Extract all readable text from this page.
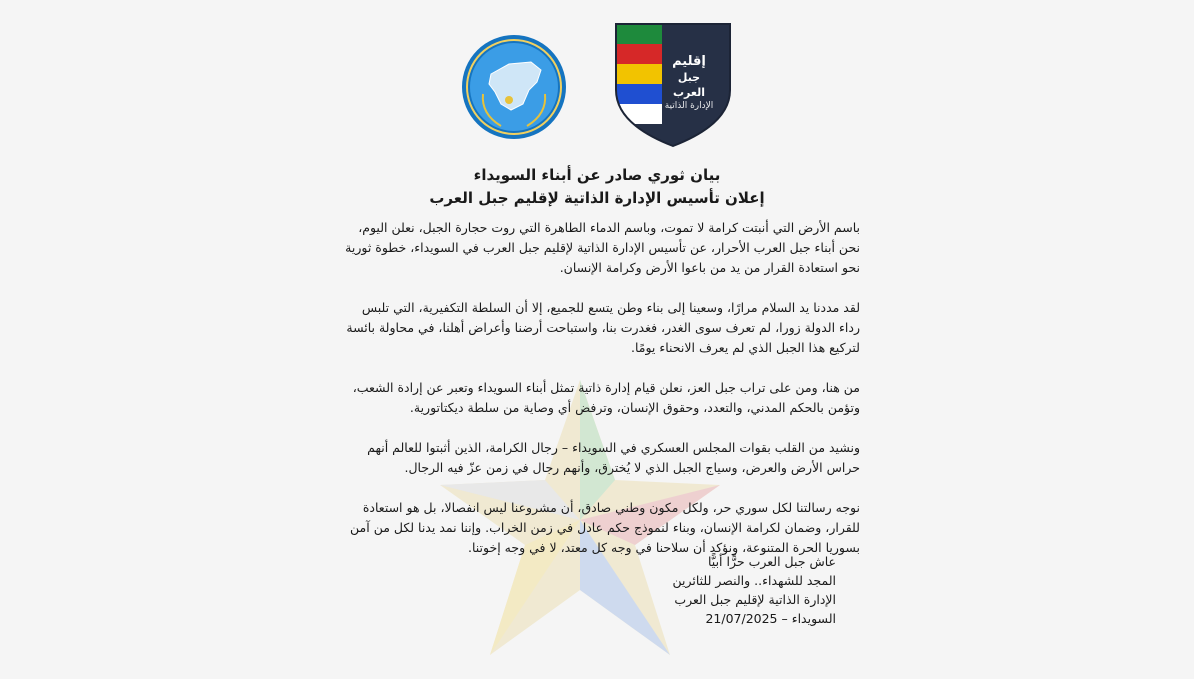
إقليم
جبل العرب
الإدارة الذاتية
بيان ثوري صادر عن أبناء السويداء
إعلان تأسيس الإدارة الذاتية لإقليم جبل العرب
باسم الأرض التي أنبتت كرامة لا تموت، وباسم الدماء الطاهرة التي روت حجارة الجبل، نعلن اليوم،
نحن أبناء جبل العرب الأحرار، عن تأسيس الإدارة الذاتية لإقليم جبل العرب في السويداء، خطوة ثورية
نحو استعادة القرار من يد من باعوا الأرض وكرامة الإنسان.
لقد مددنا يد السلام مرارًا، وسعينا إلى بناء وطن يتسع للجميع، إلا أن السلطة التكفيرية، التي تلبس
رداء الدولة زورا، لم تعرف سوى الغدر، فغدرت بنا، واستباحت أرضنا وأعراض أهلنا، في محاولة بائسة
لتركيع هذا الجبل الذي لم يعرف الانحناء يومًا.
من هنا، ومن على تراب جبل العز، نعلن قيام إدارة ذاتية تمثل أبناء السويداء وتعبر عن إرادة الشعب،
وتؤمن بالحكم المدني، والتعدد، وحقوق الإنسان، وترفض أي وصاية من سلطة ديكتاتورية.
ونشيد من القلب بقوات المجلس العسكري في السويداء – رجال الكرامة، الذين أثبتوا للعالم أنهم
حراس الأرض والعرض، وسياج الجبل الذي لا يُخترق، وأنهم رجال في زمن عزّ فيه الرجال.
نوجه رسالتنا لكل سوري حر، ولكل مكون وطني صادق، أن مشروعنا ليس انفصالا، بل هو استعادة
للقرار، وضمان لكرامة الإنسان، وبناء لنموذج حكم عادل في زمن الخراب. وإننا نمد يدنا لكل من آمن
بسوريا الحرة المتنوعة، ونؤكد أن سلاحنا في وجه كل معتد، لا في وجه إخوتنا.
عاش جبل العرب حرًّا أبيًّا
المجد للشهداء.. والنصر للثائرين
الإدارة الذاتية لإقليم جبل العرب
السويداء – 21/07/2025
